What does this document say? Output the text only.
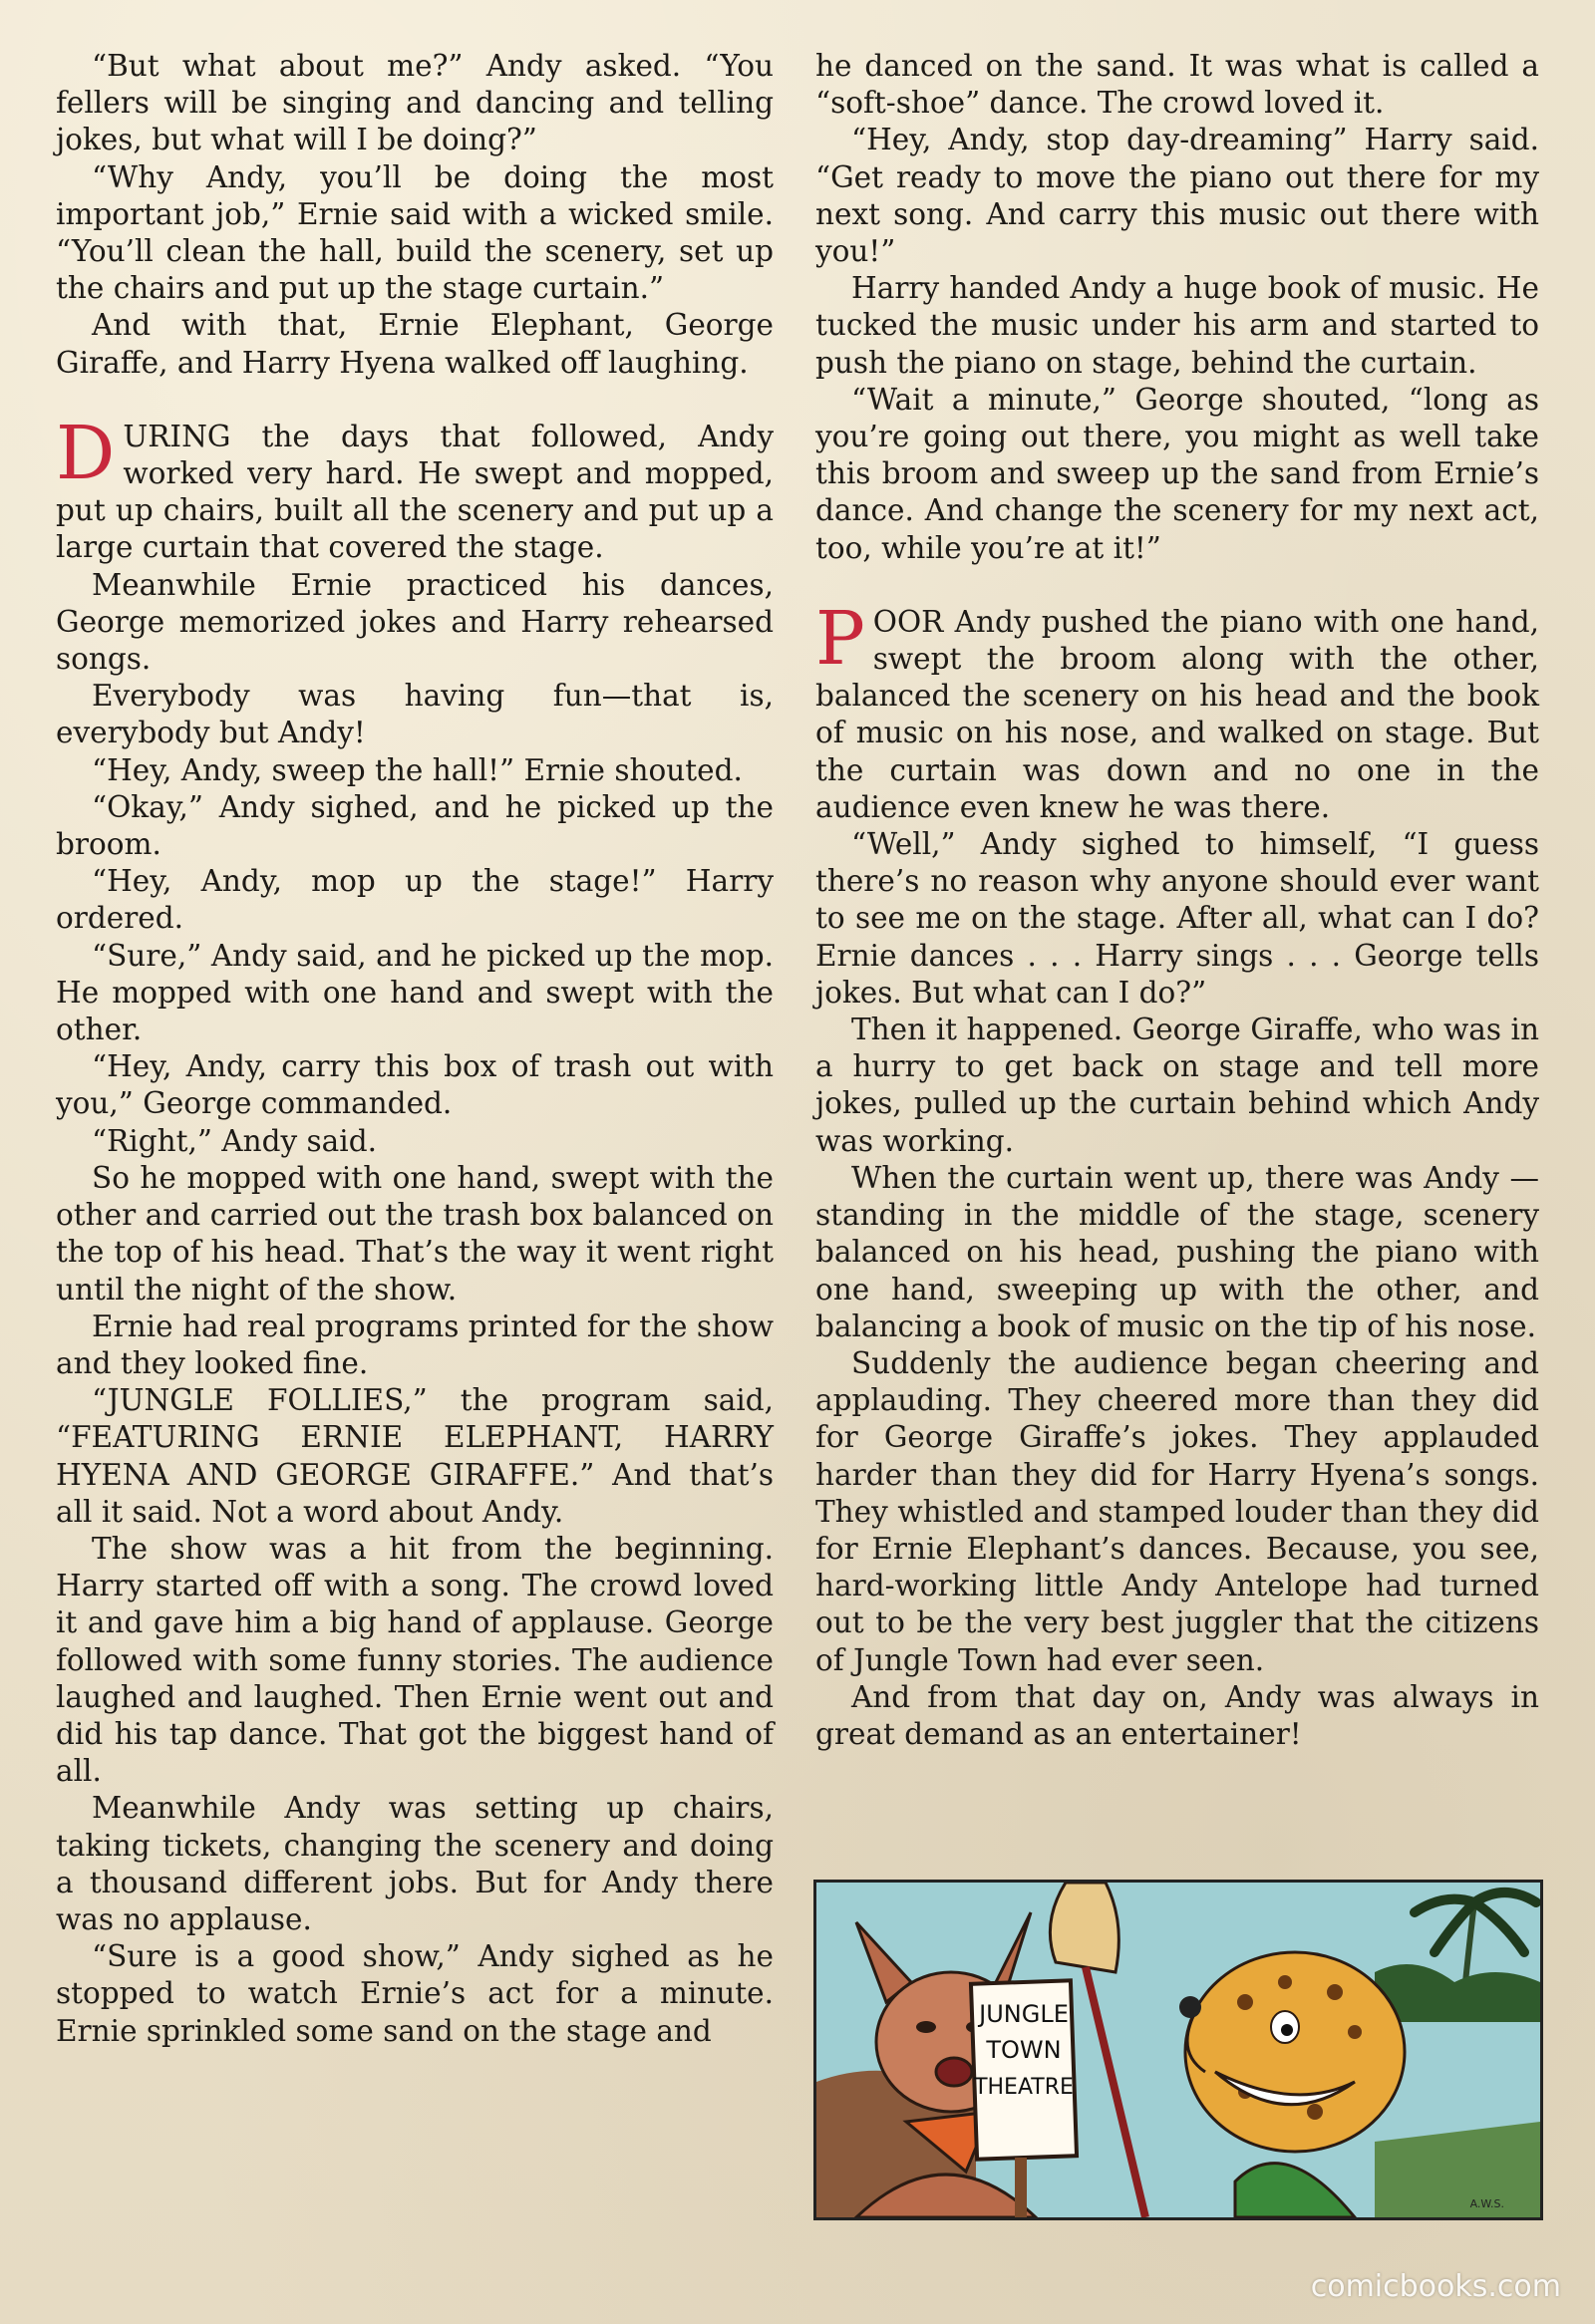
“But what about me?” Andy asked. “You fellers will be singing and dancing and telling jokes, but what will I be doing?”

“Why Andy, you’ll be doing the most important job,” Ernie said with a wicked smile. “You’ll clean the hall, build the scenery, set up the chairs and put up the stage curtain.”

And with that, Ernie Elephant, George Giraffe, and Harry Hyena walked off laughing.

DURING the days that followed, Andy worked very hard. He swept and mopped, put up chairs, built all the scenery and put up a large curtain that covered the stage.

Meanwhile Ernie practiced his dances, George memorized jokes and Harry rehearsed songs.

Everybody was having fun—that is, everybody but Andy!

“Hey, Andy, sweep the hall!” Ernie shouted.

“Okay,” Andy sighed, and he picked up the broom.

“Hey, Andy, mop up the stage!” Harry ordered.

“Sure,” Andy said, and he picked up the mop. He mopped with one hand and swept with the other.

“Hey, Andy, carry this box of trash out with you,” George commanded.

“Right,” Andy said.

So he mopped with one hand, swept with the other and carried out the trash box balanced on the top of his head. That’s the way it went right until the night of the show.

Ernie had real programs printed for the show and they looked fine.

“JUNGLE FOLLIES,” the program said, “FEATURING ERNIE ELEPHANT, HARRY HYENA AND GEORGE GIRAFFE.” And that’s all it said. Not a word about Andy.

The show was a hit from the beginning. Harry started off with a song. The crowd loved it and gave him a big hand of applause. George followed with some funny stories. The audience laughed and laughed. Then Ernie went out and did his tap dance. That got the biggest hand of all.

Meanwhile Andy was setting up chairs, taking tickets, changing the scenery and doing a thousand different jobs. But for Andy there was no applause.

“Sure is a good show,” Andy sighed as he stopped to watch Ernie’s act for a minute. Ernie sprinkled some sand on the stage and

he danced on the sand. It was what is called a “soft-shoe” dance. The crowd loved it.

“Hey, Andy, stop day-dreaming” Harry said. “Get ready to move the piano out there for my next song. And carry this music out there with you!”

Harry handed Andy a huge book of music. He tucked the music under his arm and started to push the piano on stage, behind the curtain.

“Wait a minute,” George shouted, “long as you’re going out there, you might as well take this broom and sweep up the sand from Ernie’s dance. And change the scenery for my next act, too, while you’re at it!”

POOR Andy pushed the piano with one hand, swept the broom along with the other, balanced the scenery on his head and the book of music on his nose, and walked on stage. But the curtain was down and no one in the audience even knew he was there.

“Well,” Andy sighed to himself, “I guess there’s no reason why anyone should ever want to see me on the stage. After all, what can I do? Ernie dances . . . Harry sings . . . George tells jokes. But what can I do?”

Then it happened. George Giraffe, who was in a hurry to get back on stage and tell more jokes, pulled up the curtain behind which Andy was working.

When the curtain went up, there was Andy —standing in the middle of the stage, scenery balanced on his head, pushing the piano with one hand, sweeping up with the other, and balancing a book of music on the tip of his nose.

Suddenly the audience began cheering and applauding. They cheered more than they did for George Giraffe’s jokes. They applauded harder than they did for Harry Hyena’s songs. They whistled and stamped louder than they did for Ernie Elephant’s dances. Because, you see, hard-working little Andy Antelope had turned out to be the very best juggler that the citizens of Jungle Town had ever seen.

And from that day on, Andy was always in great demand as an entertainer!

JUNGLE
TOWN
THEATRE
A.W.S.
comicbooks.com
